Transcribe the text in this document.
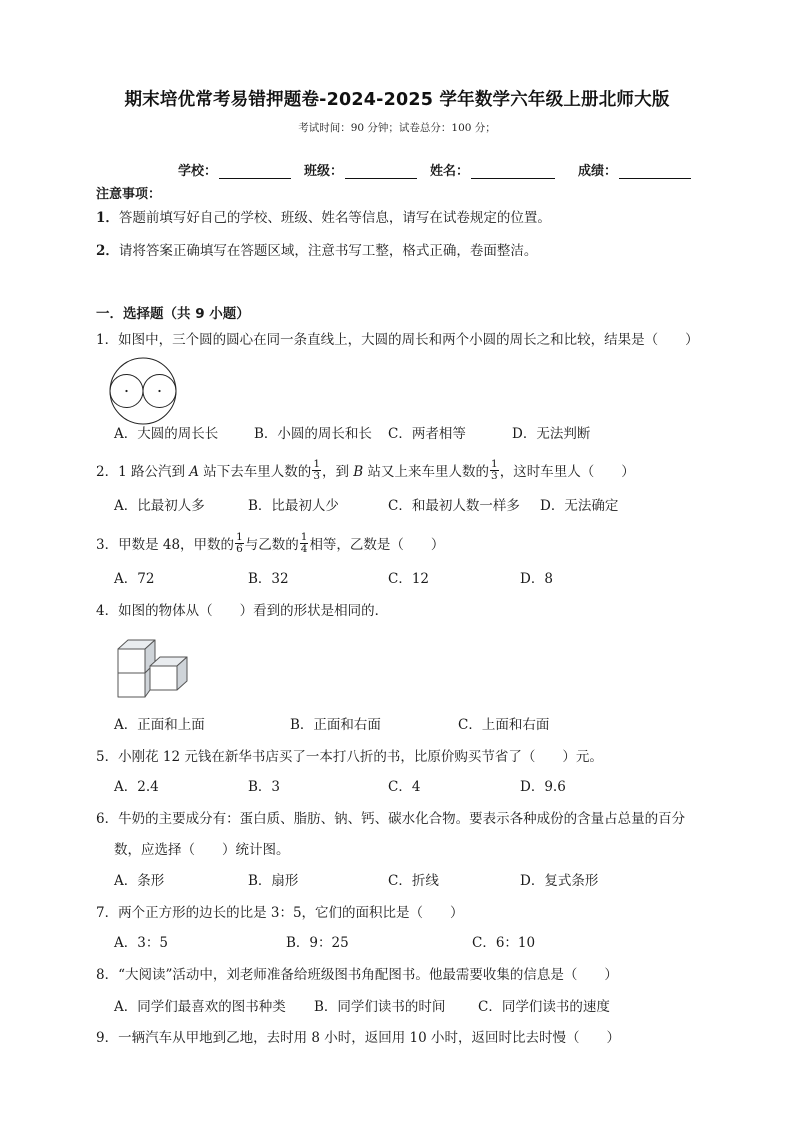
期末培优常考易错押题卷-2024-2025 学年数学六年级上册北师大版
考试时间：90 分钟；试卷总分：100 分；
学校：	班级：	姓名：	成绩：
注意事项：
1．答题前填写好自己的学校、班级、姓名等信息，请写在试卷规定的位置。
2．请将答案正确填写在答题区域，注意书写工整，格式正确，卷面整洁。
一．选择题（共 9 小题）
1．如图中，三个圆的圆心在同一条直线上，大圆的周长和两个小圆的周长之和比较，结果是（　　）
A．大圆的周长长	B．小圆的周长和长 C．两者相等	D．无法判断
2．1 路公汽到 A 站下去车里人数的 $\frac{1}{3}$ ，到 B 站又上来车里人数的 $\frac{1}{3}$ ，这时车里人（　　）
A．比最初人多	B．比最初人少	C．和最初人数一样多 D．无法确定
3．甲数是 48，甲数的 $\frac{1}{6}$ 与乙数的 $\frac{1}{4}$ 相等，乙数是（　　）
A．72	B．32	C．12	D．8
4．如图的物体从（　　）看到的形状是相同的．
A．正面和上面	B．正面和右面	C．上面和右面
5．小刚花 12 元钱在新华书店买了一本打八折的书，比原价购买节省了（　　）元。
A．2.4	B．3	C．4	D．9.6
6．牛奶的主要成分有：蛋白质、脂肪、钠、钙、碳水化合物。要表示各种成份的含量占总量的百分
数，应选择（　　）统计图。
A．条形	B．扇形	C．折线	D．复式条形
7．两个正方形的边长的比是 3：5，它们的面积比是（　　）
A．3：5	B．9：25	C．6：10
8．“大阅读”活动中，刘老师准备给班级图书角配图书。他最需要收集的信息是（　　）
A．同学们最喜欢的图书种类 B．同学们读书的时间 C．同学们读书的速度
9．一辆汽车从甲地到乙地，去时用 8 小时，返回用 10 小时，返回时比去时慢（　　）
